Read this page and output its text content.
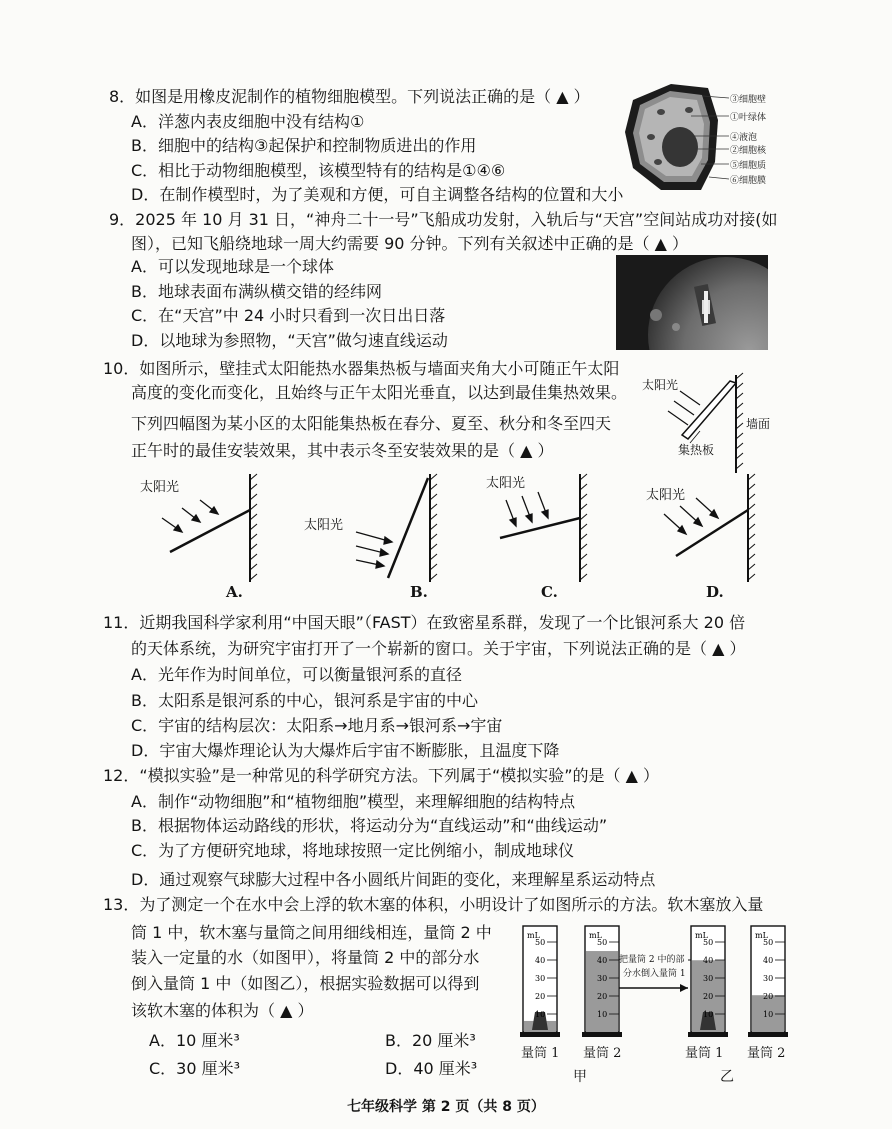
8．如图是用橡皮泥制作的植物细胞模型。下列说法正确的是（ ▲ ）
A．洋葱内表皮细胞中没有结构①
B．细胞中的结构③起保护和控制物质进出的作用
C．相比于动物细胞模型，该模型特有的结构是①④⑥
D．在制作模型时，为了美观和方便，可自主调整各结构的位置和大小
③细胞壁
①叶绿体
④液泡
②细胞核
⑤细胞质
⑥细胞膜
9．2025 年 10 月 31 日，“神舟二十一号”飞船成功发射，入轨后与“天宫”空间站成功对接(如
图），已知飞船绕地球一周大约需要 90 分钟。下列有关叙述中正确的是（ ▲ ）
A．可以发现地球是一个球体
B．地球表面布满纵横交错的经纬网
C．在“天宫”中 24 小时只看到一次日出日落
D．以地球为参照物，“天宫”做匀速直线运动
10．如图所示，壁挂式太阳能热水器集热板与墙面夹角大小可随正午太阳
高度的变化而变化，且始终与正午太阳光垂直，以达到最佳集热效果。
下列四幅图为某小区的太阳能集热板在春分、夏至、秋分和冬至四天
正午时的最佳安装效果，其中表示冬至安装效果的是（ ▲ ）
太阳光
墙面
集热板
太阳光
A.
太阳光
B.
太阳光
C.
太阳光
D.
11．近期我国科学家利用“中国天眼”（FAST）在致密星系群，发现了一个比银河系大 20 倍
的天体系统，为研究宇宙打开了一个崭新的窗口。关于宇宙，下列说法正确的是（ ▲ ）
A．光年作为时间单位，可以衡量银河系的直径
B．太阳系是银河系的中心，银河系是宇宙的中心
C．宇宙的结构层次：太阳系→地月系→银河系→宇宙
D．宇宙大爆炸理论认为大爆炸后宇宙不断膨胀，且温度下降
12．“模拟实验”是一种常见的科学研究方法。下列属于“模拟实验”的是（ ▲ ）
A．制作“动物细胞”和“植物细胞”模型，来理解细胞的结构特点
B．根据物体运动路线的形状，将运动分为“直线运动”和“曲线运动”
C．为了方便研究地球，将地球按照一定比例缩小，制成地球仪
D．通过观察气球膨大过程中各小圆纸片间距的变化，来理解星系运动特点
13．为了测定一个在水中会上浮的软木塞的体积，小明设计了如图所示的方法。软木塞放入量
筒 1 中，软木塞与量筒之间用细线相连，量筒 2 中
装入一定量的水（如图甲），将量筒 2 中的部分水
倒入量筒 1 中（如图乙），根据实验数据可以得到
该软木塞的体积为（ ▲ ）
A．10 厘米³	B．20 厘米³
C．30 厘米³	D．40 厘米³
mL
50
40
30
20
10
mL
50
40
30
20
10
mL
50
40
30
20
10
mL
50
40
30
20
10
把量筒 2 中的部
分水倒入量筒 1
量筒 1 量筒 2	量筒 1 量筒 2
甲	乙
七年级科学 第 2 页（共 8 页）
